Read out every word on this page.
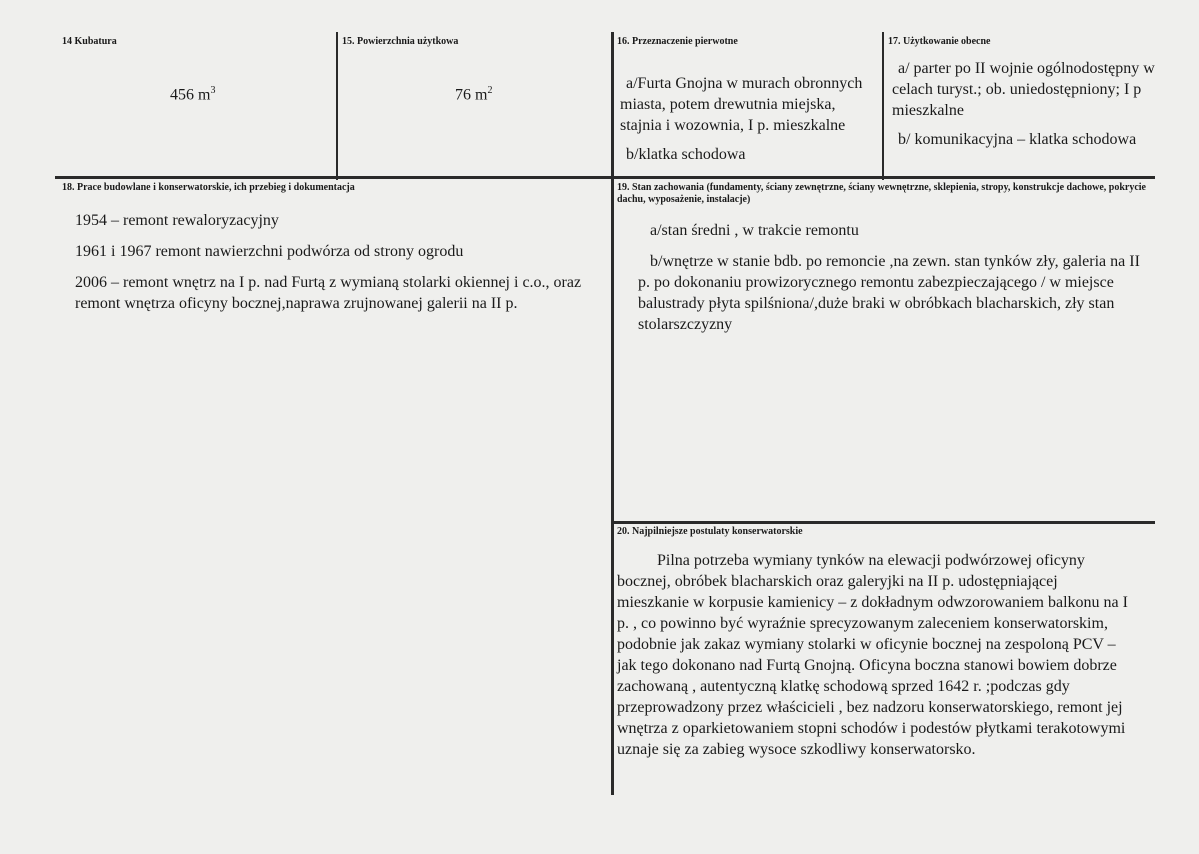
14 Kubatura
456 $m^3$
15. Powierzchnia użytkowa
76 $m^2$
16. Przeznaczenie pierwotne

a/Furta Gnojna w murach obronnych miasta, potem drewutnia miejska, stajnia i wozownia, I p. mieszkalne

b/klatka schodowa

17. Użytkowanie obecne

a/ parter po II wojnie ogólnodostępny w celach turyst.; ob. uniedostępniony; I p mieszkalne

b/ komunikacyjna – klatka schodowa

18. Prace budowlane i konserwatorskie, ich przebieg i dokumentacja

1954 – remont rewaloryzacyjny

1961 i 1967 remont nawierzchni podwórza od strony ogrodu

2006 – remont wnętrz na I p. nad Furtą z wymianą stolarki okiennej i c.o., oraz remont wnętrza oficyny bocznej,naprawa zrujnowanej galerii na II p.

19. Stan zachowania (fundamenty, ściany zewnętrzne, ściany wewnętrzne, sklepienia, stropy, konstrukcje dachowe, pokrycie dachu, wyposażenie, instalacje)

a/stan średni , w trakcie remontu

b/wnętrze w stanie bdb. po remoncie ,na zewn. stan tynków zły, galeria na II p. po dokonaniu prowizorycznego remontu zabezpieczającego / w miejsce balustrady płyta spilśniona/,duże braki w obróbkach blacharskich, zły stan stolarszczyzny

20. Najpilniejsze postulaty konserwatorskie
Pilna potrzeba wymiany tynków na elewacji podwórzowej oficyny bocznej, obróbek blacharskich oraz galeryjki na II p. udostępniającej mieszkanie w korpusie kamienicy – z dokładnym odwzorowaniem balkonu na I p. , co powinno być wyraźnie sprecyzowanym zaleceniem konserwatorskim, podobnie jak zakaz wymiany stolarki w oficynie bocznej na zespoloną PCV – jak tego dokonano nad Furtą Gnojną. Oficyna boczna stanowi bowiem dobrze zachowaną , autentyczną klatkę schodową sprzed 1642 r. ;podczas gdy przeprowadzony przez właścicieli , bez nadzoru konserwatorskiego, remont jej wnętrza z oparkietowaniem stopni schodów i podestów płytkami terakotowymi uznaje się za zabieg wysoce szkodliwy konserwatorsko.
